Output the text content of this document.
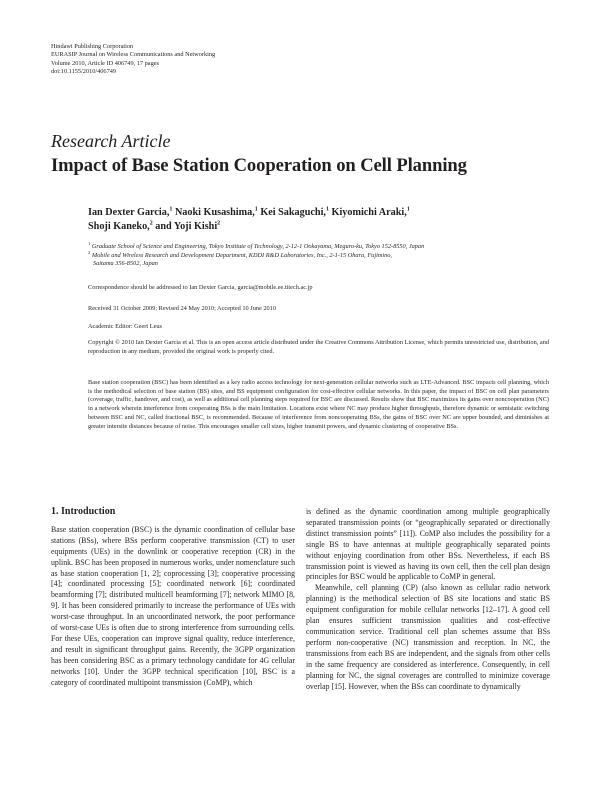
Hindawi Publishing Corporation
EURASIP Journal on Wireless Communications and Networking
Volume 2010, Article ID 406749, 17 pages
doi:10.1155/2010/406749
Research Article
Impact of Base Station Cooperation on Cell Planning
Ian Dexter Garcia,$^1$ Naoki Kusashima,$^1$ Kei Sakaguchi,$^1$ Kiyomichi Araki,$^1$
Shoji Kaneko,$^2$ and Yoji Kishi$^2$
$^1$ Graduate School of Science and Engineering, Tokyo Institute of Technology, 2-12-1 Ookayama, Meguro-ku, Tokyo 152-8550, Japan
$^2$ Mobile and Wireless Research and Development Department, KDDI R&D Laboratories, Inc., 2-1-15 Ohara, Fujimino,
Saitama 356-8502, Japan
Correspondence should be addressed to Ian Dexter Garcia, garcia@mobile.ee.titech.ac.jp
Received 31 October 2009; Revised 24 May 2010; Accepted 10 June 2010
Academic Editor: Geert Leus
Copyright © 2010 Ian Dexter Garcia et al. This is an open access article distributed under the Creative Commons Attribution License, which permits unrestricted use, distribution, and reproduction in any medium, provided the original work is properly cited.
Base station cooperation (BSC) has been identified as a key radio access technology for next-generation cellular networks such as LTE-Advanced. BSC impacts cell planning, which is the methodical selection of base station (BS) sites, and BS equipment configuration for cost-effective cellular networks. In this paper, the impact of BSC on cell plan parameters (coverage, traffic, handover, and cost), as well as additional cell planning steps required for BSC are discussed. Results show that BSC maximizes its gains over noncooperation (NC) in a network wherein interference from cooperating BSs is the main limitation. Locations exist where NC may produce higher throughputs, therefore dynamic or semistatic switching between BSC and NC, called fractional BSC, is recommended. Because of interference from noncooperating BSs, the gains of BSC over NC are upper bounded, and diminishes at greater intersite distances because of noise. This encourages smaller cell sizes, higher transmit powers, and dynamic clustering of cooperative BSs.
1. Introduction

Base station cooperation (BSC) is the dynamic coordination of cellular base stations (BSs), where BSs perform cooperative transmission (CT) to user equipments (UEs) in the downlink or cooperative reception (CR) in the uplink. BSC has been proposed in numerous works, under nomenclature such as base station cooperation [1, 2]; coprocessing [3]; cooperative processing [4]; coordinated processing [5]; coordinated network [6]; coordinated beamforming [7]; distributed multicell beamforming [7]; network MIMO [8, 9]. It has been considered primarily to increase the performance of UEs with worst-case throughput. In an uncoordinated network, the poor performance of worst-case UEs is often due to strong interference from surrounding cells. For these UEs, cooperation can improve signal quality, reduce interference, and result in significant throughput gains. Recently, the 3GPP organization has been considering BSC as a primary technology candidate for 4G cellular networks [10]. Under the 3GPP technical specification [10], BSC is a category of coordinated multipoint transmission (CoMP), which

is defined as the dynamic coordination among multiple geographically separated transmission points (or “geographically separated or directionally distinct transmission points” [11]). CoMP also includes the possibility for a single BS to have antennas at multiple geographically separated points without enjoying coordination from other BSs. Nevertheless, if each BS transmission point is viewed as having its own cell, then the cell plan design principles for BSC would be applicable to CoMP in general.

Meanwhile, cell planning (CP) (also known as cellular radio network planning) is the methodical selection of BS site locations and static BS equipment configuration for mobile cellular networks [12–17]. A good cell plan ensures sufficient transmission qualities and cost-effective communication service. Traditional cell plan schemes assume that BSs perform non-cooperative (NC) transmission and reception. In NC, the transmissions from each BS are independent, and the signals from other cells in the same frequency are considered as interference. Consequently, in cell planning for NC, the signal coverages are controlled to minimize coverage overlap [15]. However, when the BSs can coordinate to dynamically
